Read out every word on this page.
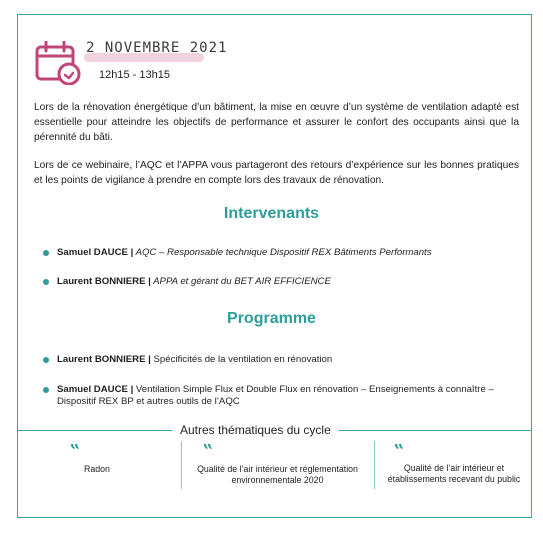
2 NOVEMBRE 2021
12h15 - 13h15

Lors de la rénovation énergétique d’un bâtiment, la mise en œuvre d’un système de ventilation adapté est essentielle pour atteindre les objectifs de performance et assurer le confort des occupants ainsi que la pérennité du bâti.

Lors de ce webinaire, l’AQC et l’APPA vous partageront des retours d’expérience sur les bonnes pratiques et les points de vigilance à prendre en compte lors des travaux de rénovation.

Intervenants
Samuel DAUCE | AQC – Responsable technique Dispositif REX Bâtiments Performants
Laurent BONNIERE | APPA et gérant du BET AIR EFFICIENCE
Programme
Laurent BONNIERE | Spécificités de la ventilation en rénovation
Samuel DAUCE | Ventilation Simple Flux et Double Flux en rénovation – Enseignements à connaître – Dispositif REX BP et autres outils de l’AQC
Autres thématiques du cycle
‟
Radon
‟
Qualité de l’air intérieur et réglementation environnementale 2020
‟
Qualité de l’air intérieur et établissements recevant du public
